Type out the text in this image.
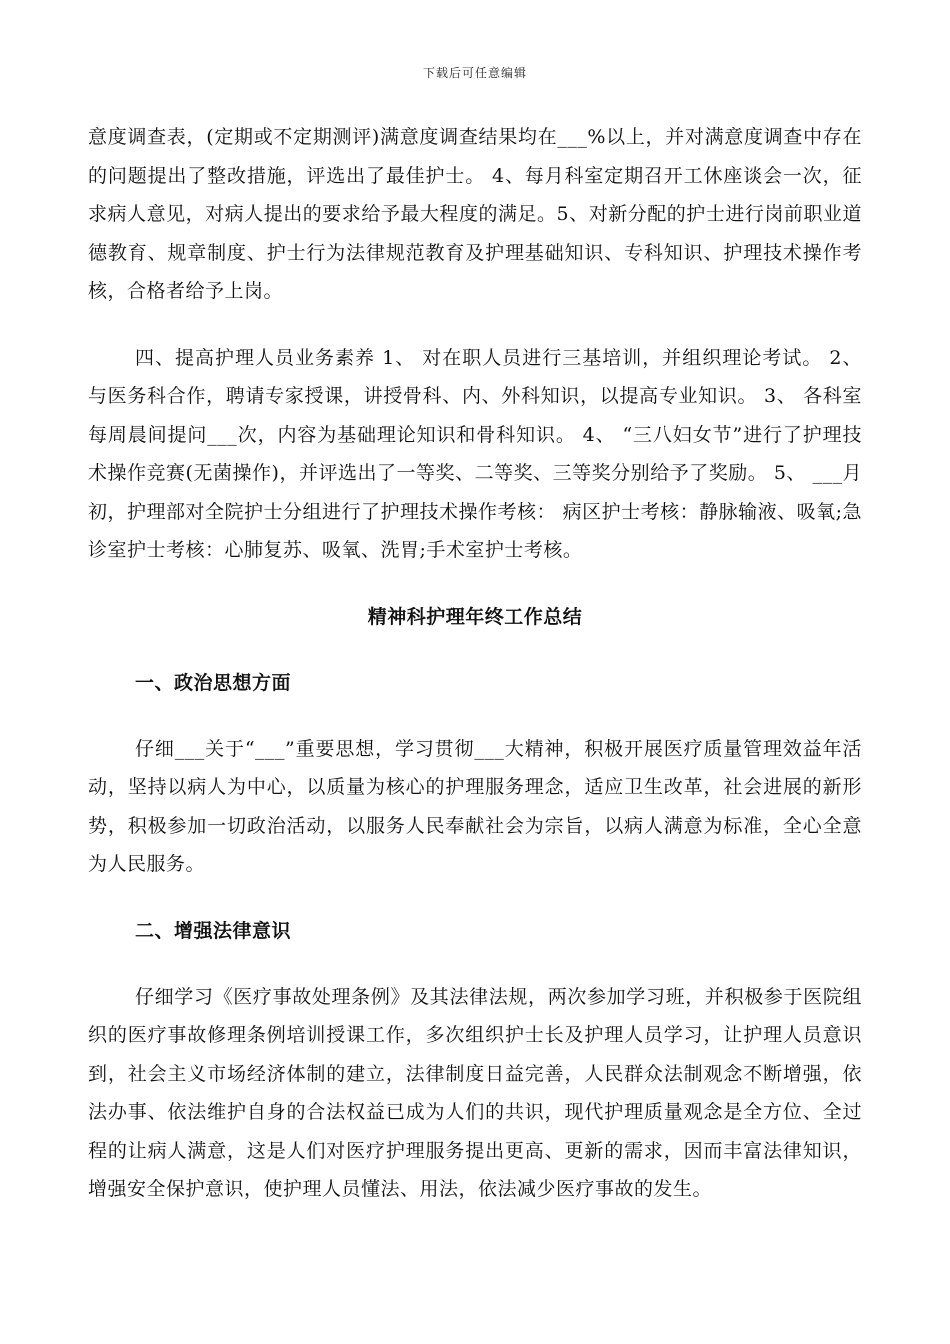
下载后可任意编辑

意度调查表，(定期或不定期测评)满意度调查结果均在___%以上，并对满意度调查中存在的问题提出了整改措施，评选出了最佳护士。 4、每月科室定期召开工休座谈会一次，征求病人意见，对病人提出的要求给予最大程度的满足。5、对新分配的护士进行岗前职业道德教育、规章制度、护士行为法律规范教育及护理基础知识、专科知识、护理技术操作考核，合格者给予上岗。

四、提高护理人员业务素养 1、 对在职人员进行三基培训，并组织理论考试。 2、与医务科合作，聘请专家授课，讲授骨科、内、外科知识，以提高专业知识。 3、 各科室每周晨间提问___次，内容为基础理论知识和骨科知识。 4、 “三八妇女节”进行了护理技术操作竞赛(无菌操作)，并评选出了一等奖、二等奖、三等奖分别给予了奖励。 5、 ___月初，护理部对全院护士分组进行了护理技术操作考核： 病区护士考核：静脉输液、吸氧;急诊室护士考核：心肺复苏、吸氧、洗胃;手术室护士考核。

精神科护理年终工作总结
一、政治思想方面

仔细___关于“___”重要思想，学习贯彻___大精神，积极开展医疗质量管理效益年活动，坚持以病人为中心，以质量为核心的护理服务理念，适应卫生改革，社会进展的新形势，积极参加一切政治活动，以服务人民奉献社会为宗旨，以病人满意为标准，全心全意为人民服务。

二、增强法律意识

仔细学习《医疗事故处理条例》及其法律法规，两次参加学习班，并积极参于医院组织的医疗事故修理条例培训授课工作，多次组织护士长及护理人员学习，让护理人员意识到，社会主义市场经济体制的建立，法律制度日益完善，人民群众法制观念不断增强，依法办事、依法维护自身的合法权益已成为人们的共识，现代护理质量观念是全方位、全过程的让病人满意，这是人们对医疗护理服务提出更高、更新的需求，因而丰富法律知识，增强安全保护意识，使护理人员懂法、用法，依法减少医疗事故的发生。
